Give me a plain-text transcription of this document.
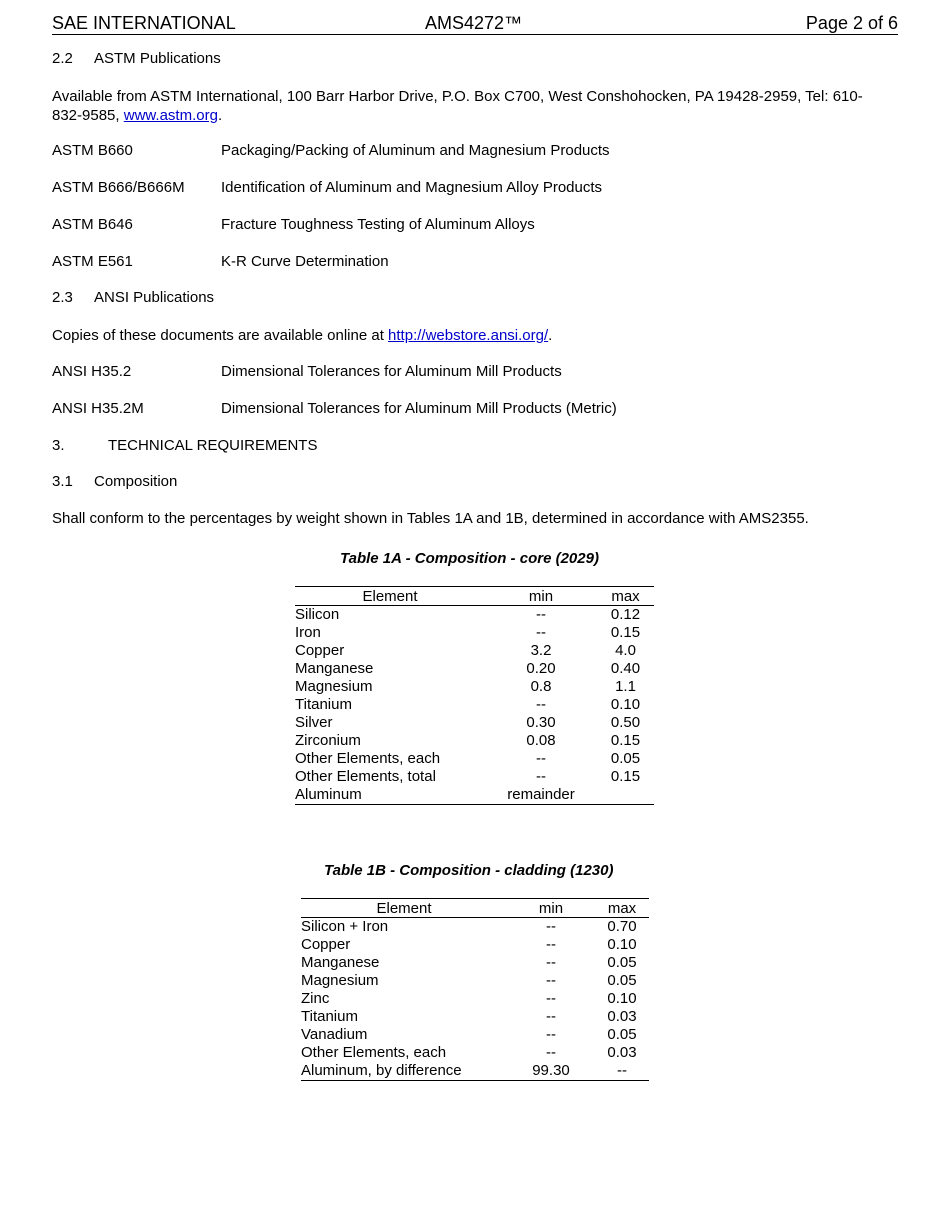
SAE INTERNATIONAL	AMS4272™	Page 2 of 6
2.2 ASTM Publications
Available from ASTM International, 100 Barr Harbor Drive, P.O. Box C700, West Conshohocken, PA 19428-2959, Tel: 610-
832-9585, www.astm.org.
ASTM B660	Packaging/Packing of Aluminum and Magnesium Products
ASTM B666/B666M Identification of Aluminum and Magnesium Alloy Products
ASTM B646	Fracture Toughness Testing of Aluminum Alloys
ASTM E561	K-R Curve Determination
2.3 ANSI Publications
Copies of these documents are available online at http://webstore.ansi.org/.
ANSI H35.2	Dimensional Tolerances for Aluminum Mill Products
ANSI H35.2M	Dimensional Tolerances for Aluminum Mill Products (Metric)
3.	TECHNICAL REQUIREMENTS
3.1 Composition
Shall conform to the percentages by weight shown in Tables 1A and 1B, determined in accordance with AMS2355.
Table 1A - Composition - core (2029)
Element	min	max
Silicon	--	0.12
Iron	--	0.15
Copper	3.2	4.0
Manganese	0.20	0.40
Magnesium	0.8	1.1
Titanium	--	0.10
Silver	0.30	0.50
Zirconium	0.08	0.15
Other Elements, each	--	0.05
Other Elements, total	--	0.15
Aluminum	remainder	
Table 1B - Composition - cladding (1230)
Element	min	max
Silicon + Iron	--	0.70
Copper	--	0.10
Manganese	--	0.05
Magnesium	--	0.05
Zinc	--	0.10
Titanium	--	0.03
Vanadium	--	0.05
Other Elements, each	--	0.03
Aluminum, by difference	99.30	--
